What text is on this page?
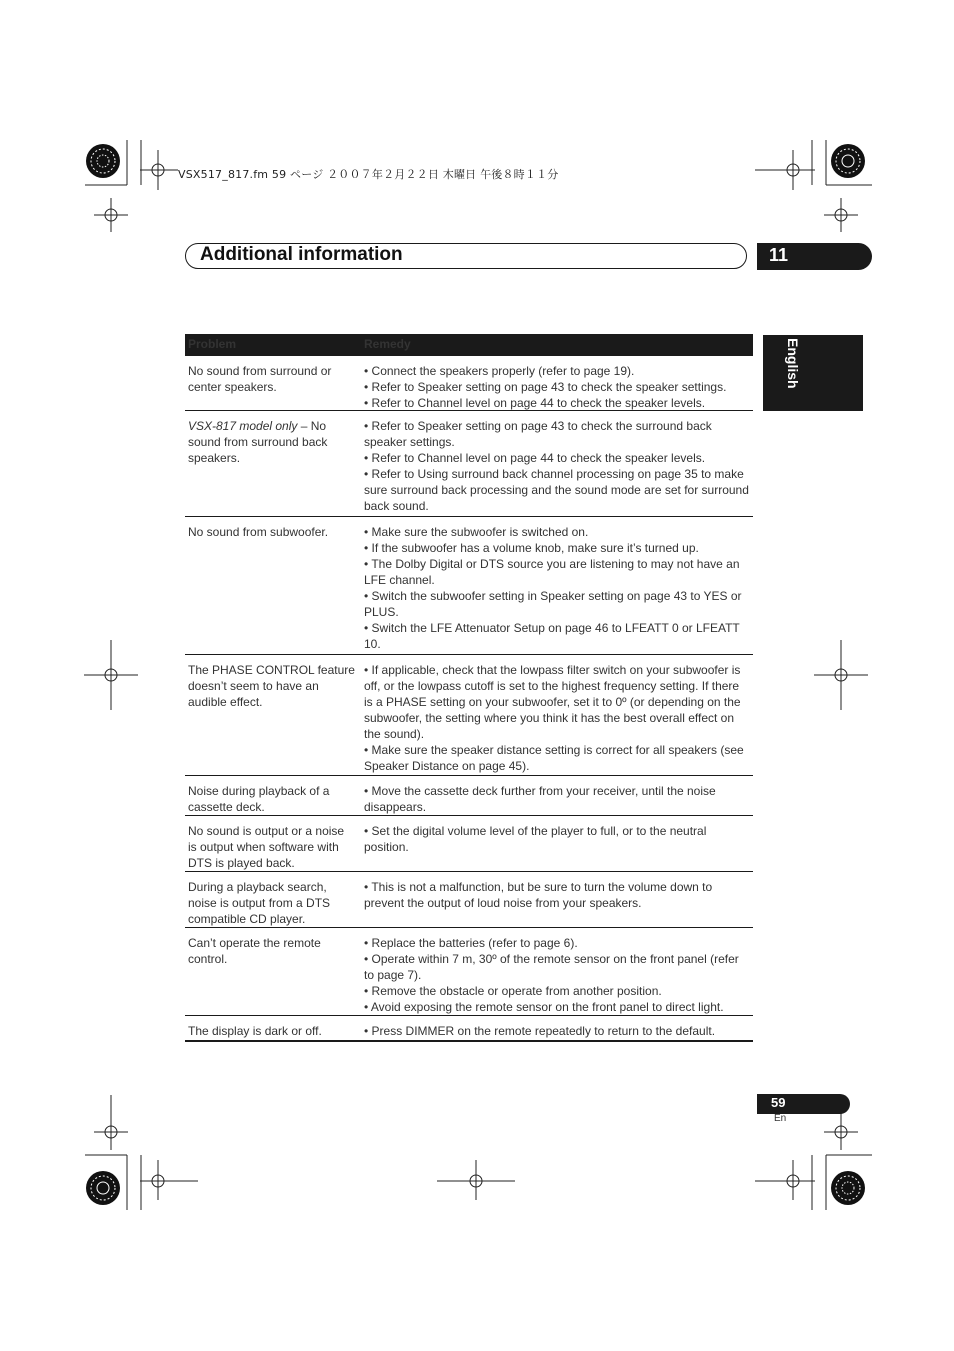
VSX517_817.fm 59 ページ ２００７年２月２２日 木曜日 午後８時１１分
Additional information	11
English
Problem	Remedy
No sound from surround or center speakers.
• Connect the speakers properly (refer to page 19).
• Refer to Speaker setting on page 43 to check the speaker settings.
• Refer to Channel level on page 44 to check the speaker levels.
VSX-817 model only – No sound from surround back speakers.
• Refer to Speaker setting on page 43 to check the surround back speaker settings.
• Refer to Channel level on page 44 to check the speaker levels.
• Refer to Using surround back channel processing on page 35 to make sure surround back processing and the sound mode are set for surround back sound.
No sound from subwoofer.	• Make sure the subwoofer is switched on.
• If the subwoofer has a volume knob, make sure it’s turned up.
• The Dolby Digital or DTS source you are listening to may not have an LFE channel.
• Switch the subwoofer setting in Speaker setting on page 43 to YES or PLUS.
• Switch the LFE Attenuator Setup on page 46 to LFEATT 0 or LFEATT 10.
The PHASE CONTROL feature doesn’t seem to have an audible effect.
• If applicable, check that the lowpass filter switch on your subwoofer is off, or the lowpass cutoff is set to the highest frequency setting. If there is a PHASE setting on your subwoofer, set it to 0º (or depending on the subwoofer, the setting where you think it has the best overall effect on the sound).
• Make sure the speaker distance setting is correct for all speakers (see Speaker Distance on page 45).
Noise during playback of a cassette deck.
• Move the cassette deck further from your receiver, until the noise disappears.
No sound is output or a noise is output when software with DTS is played back.
• Set the digital volume level of the player to full, or to the neutral position.
During a playback search, noise is output from a DTS compatible CD player.
• This is not a malfunction, but be sure to turn the volume down to prevent the output of loud noise from your speakers.
Can’t operate the remote control.
• Replace the batteries (refer to page 6).
• Operate within 7 m, 30º of the remote sensor on the front panel (refer to page 7).
• Remove the obstacle or operate from another position.
• Avoid exposing the remote sensor on the front panel to direct light.
The display is dark or off.	• Press DIMMER on the remote repeatedly to return to the default.
59
En
